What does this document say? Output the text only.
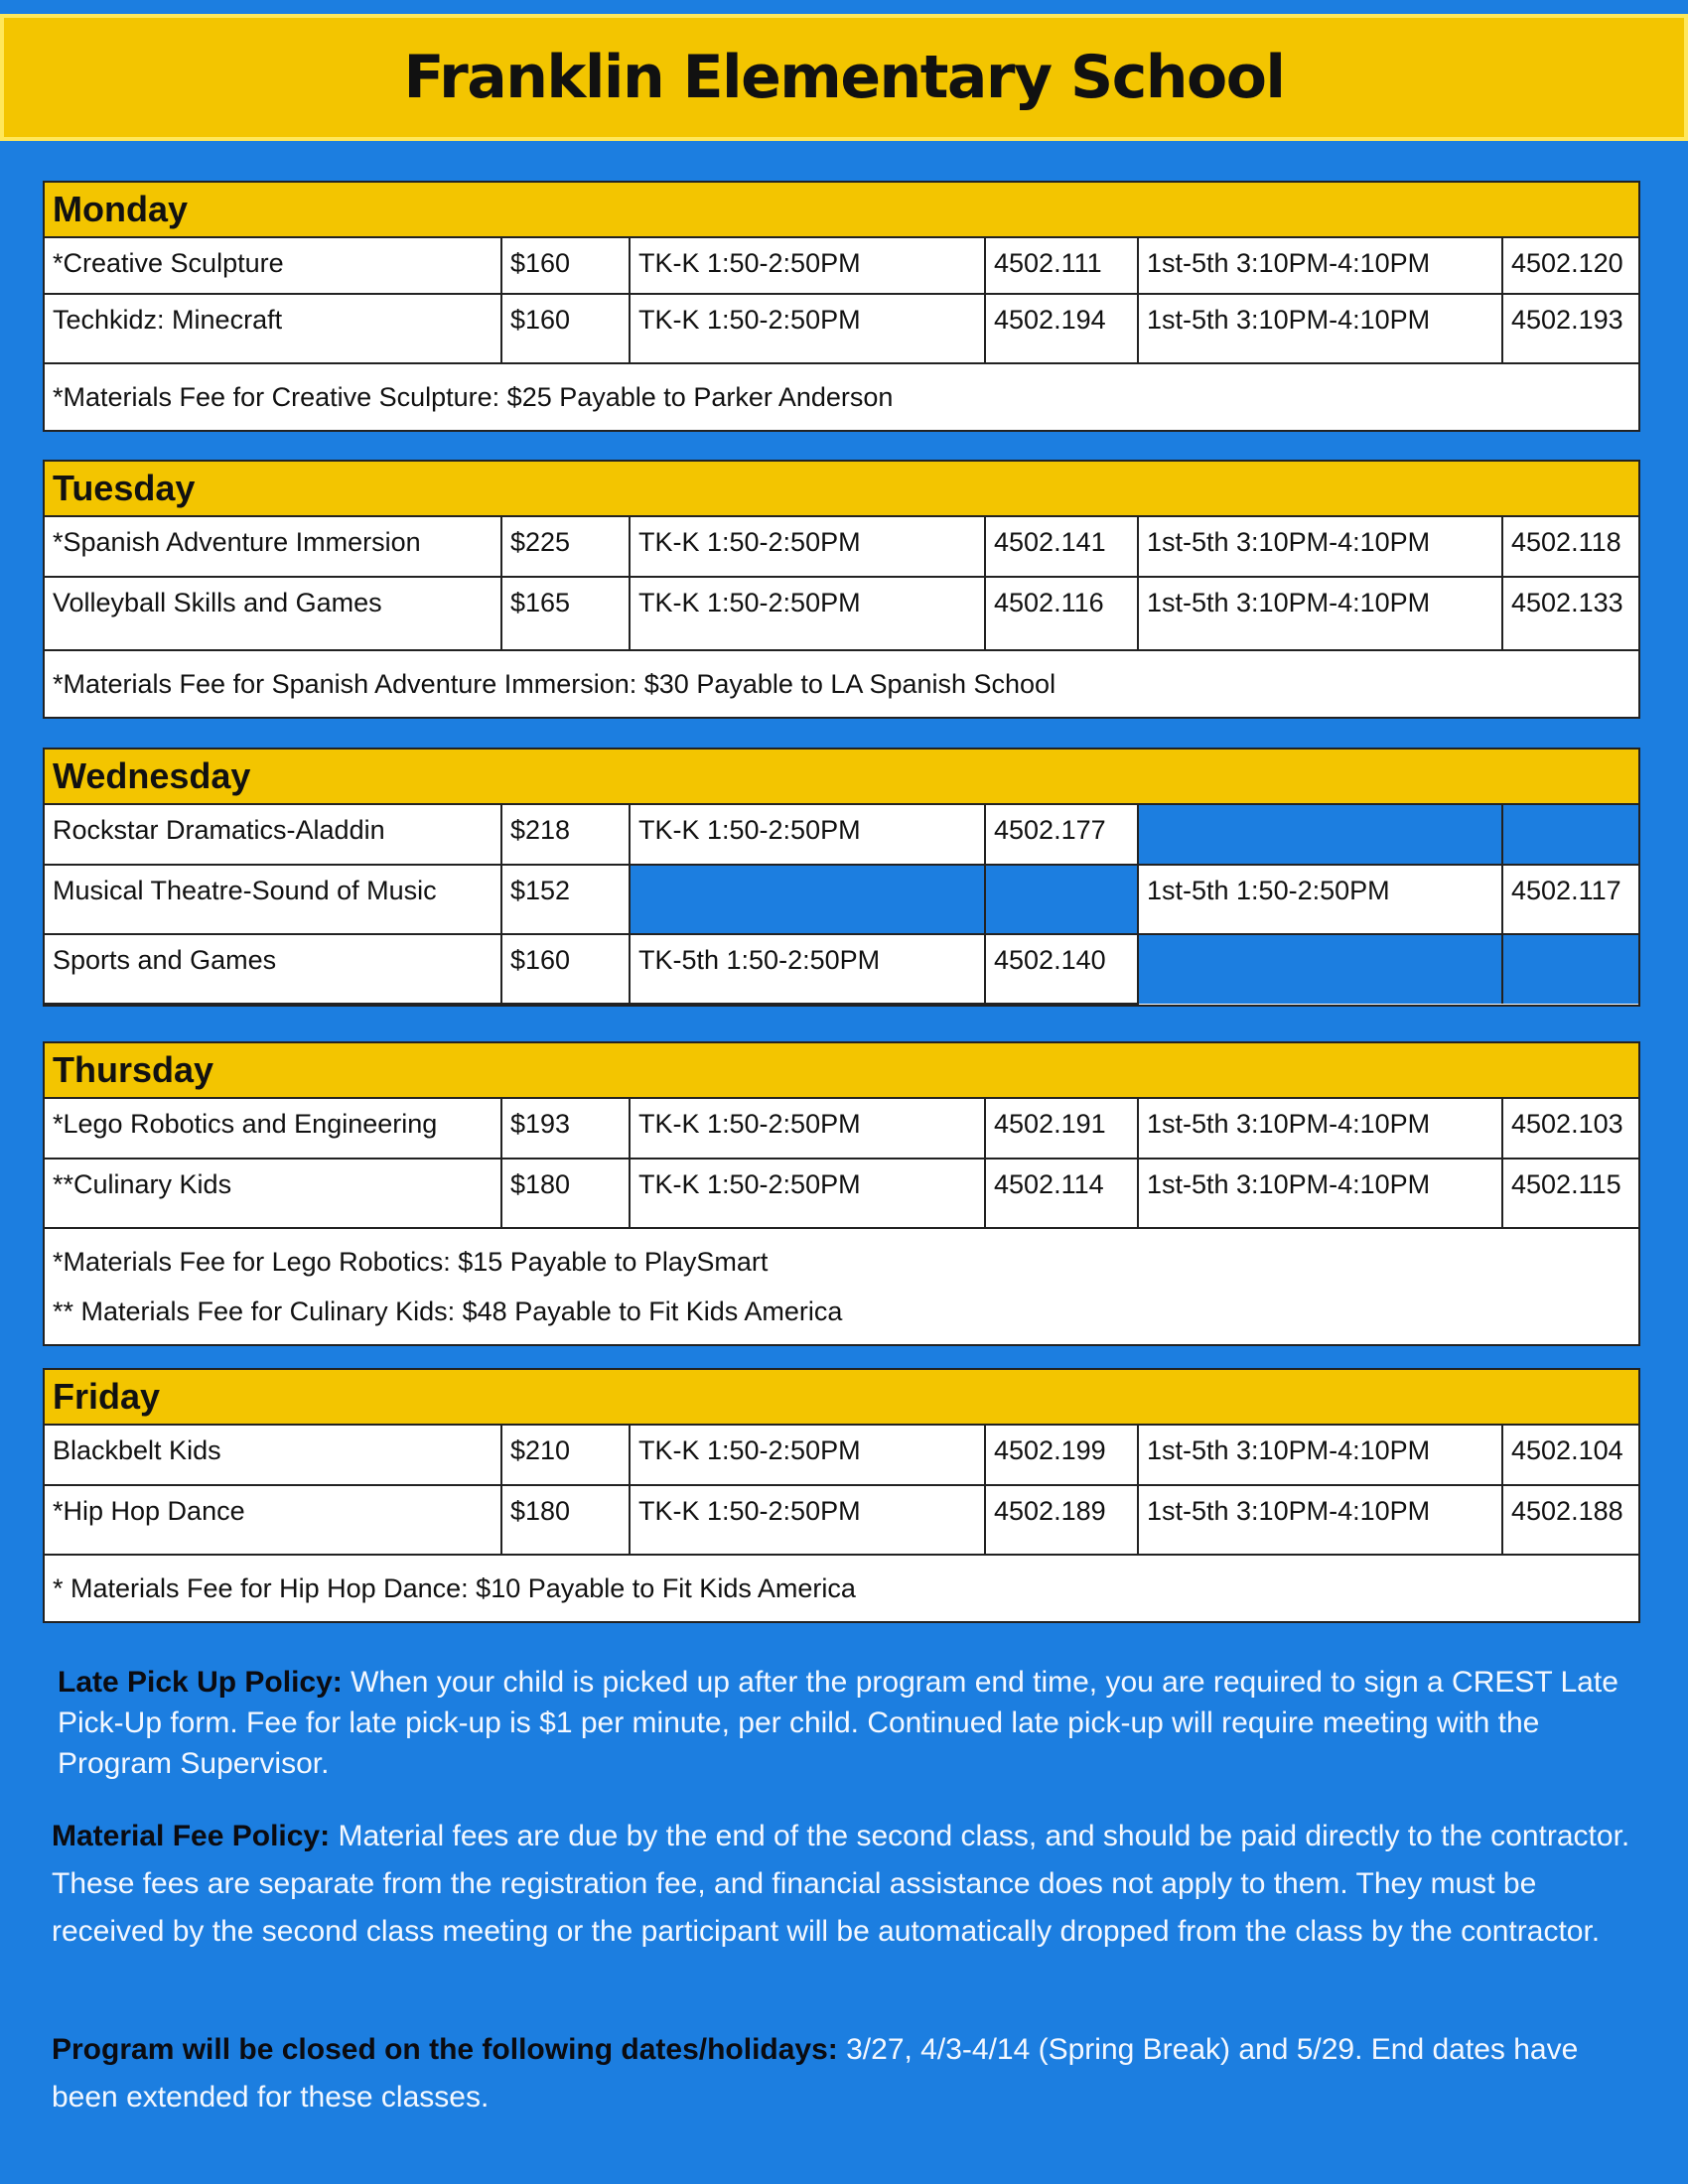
Franklin Elementary School
Monday
*Creative Sculpture	$160	TK-K 1:50-2:50PM	4502.111	1st-5th 3:10PM-4:10PM	4502.120
Techkidz: Minecraft	$160	TK-K 1:50-2:50PM	4502.194	1st-5th 3:10PM-4:10PM	4502.193
*Materials Fee for Creative Sculpture: $25 Payable to Parker Anderson
Tuesday
*Spanish Adventure Immersion	$225	TK-K 1:50-2:50PM	4502.141	1st-5th 3:10PM-4:10PM	4502.118
Volleyball Skills and Games	$165	TK-K 1:50-2:50PM	4502.116	1st-5th 3:10PM-4:10PM	4502.133
*Materials Fee for Spanish Adventure Immersion: $30 Payable to LA Spanish School
Wednesday
Rockstar Dramatics-Aladdin	$218	TK-K 1:50-2:50PM	4502.177		
Musical Theatre-Sound of Music	$152			1st-5th 1:50-2:50PM	4502.117
Sports and Games	$160	TK-5th 1:50-2:50PM	4502.140		
Thursday
*Lego Robotics and Engineering	$193	TK-K 1:50-2:50PM	4502.191	1st-5th 3:10PM-4:10PM	4502.103
**Culinary Kids	$180	TK-K 1:50-2:50PM	4502.114	1st-5th 3:10PM-4:10PM	4502.115
*Materials Fee for Lego Robotics: $15 Payable to PlaySmart
** Materials Fee for Culinary Kids: $48 Payable to Fit Kids America
Friday
Blackbelt Kids	$210	TK-K 1:50-2:50PM	4502.199	1st-5th 3:10PM-4:10PM	4502.104
*Hip Hop Dance	$180	TK-K 1:50-2:50PM	4502.189	1st-5th 3:10PM-4:10PM	4502.188
* Materials Fee for Hip Hop Dance: $10 Payable to Fit Kids America
Late Pick Up Policy: When your child is picked up after the program end time, you are required to sign a CREST Late Pick-Up form. Fee for late pick-up is $1 per minute, per child. Continued late pick-up will require meeting with the Program Supervisor.
Material Fee Policy: Material fees are due by the end of the second class, and should be paid directly to the contractor. These fees are separate from the registration fee, and financial assistance does not apply to them. They must be received by the second class meeting or the participant will be automatically dropped from the class by the contractor.
Program will be closed on the following dates/holidays: 3/27, 4/3-4/14 (Spring Break) and 5/29. End dates have been extended for these classes.
